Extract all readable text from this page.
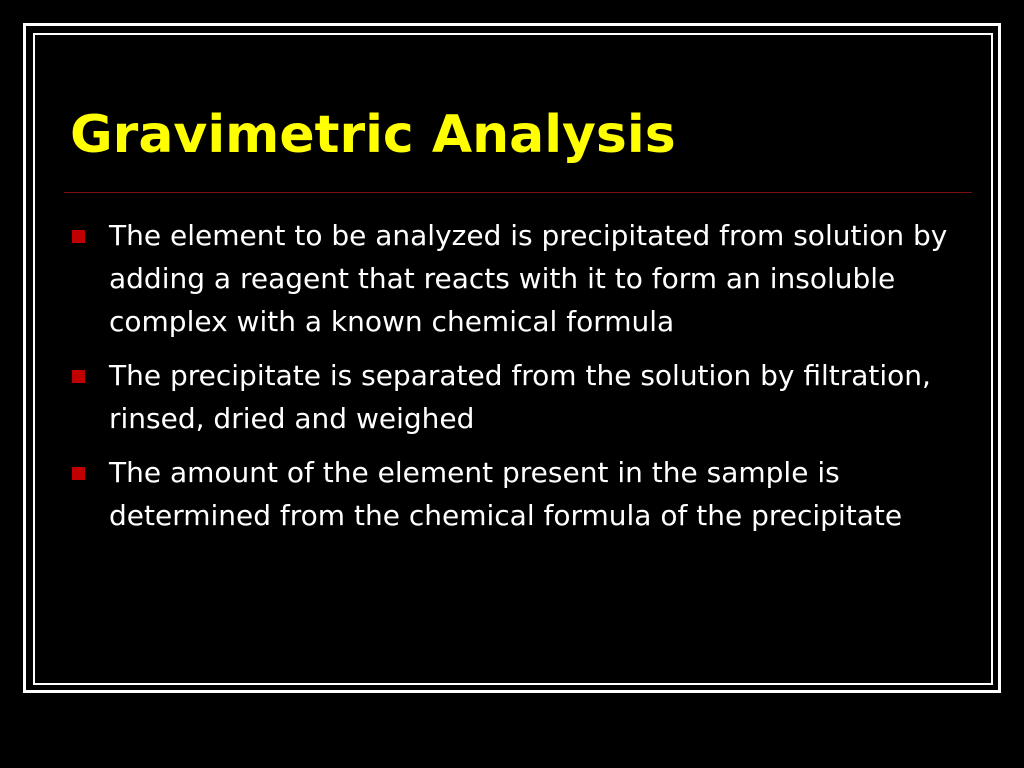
Gravimetric Analysis
The element to be analyzed is precipitated from solution by adding a reagent that reacts with it to form an insoluble complex with a known chemical formula
The precipitate is separated from the solution by filtration, rinsed, dried and weighed
The amount of the element present in the sample is determined from the chemical formula of the precipitate
